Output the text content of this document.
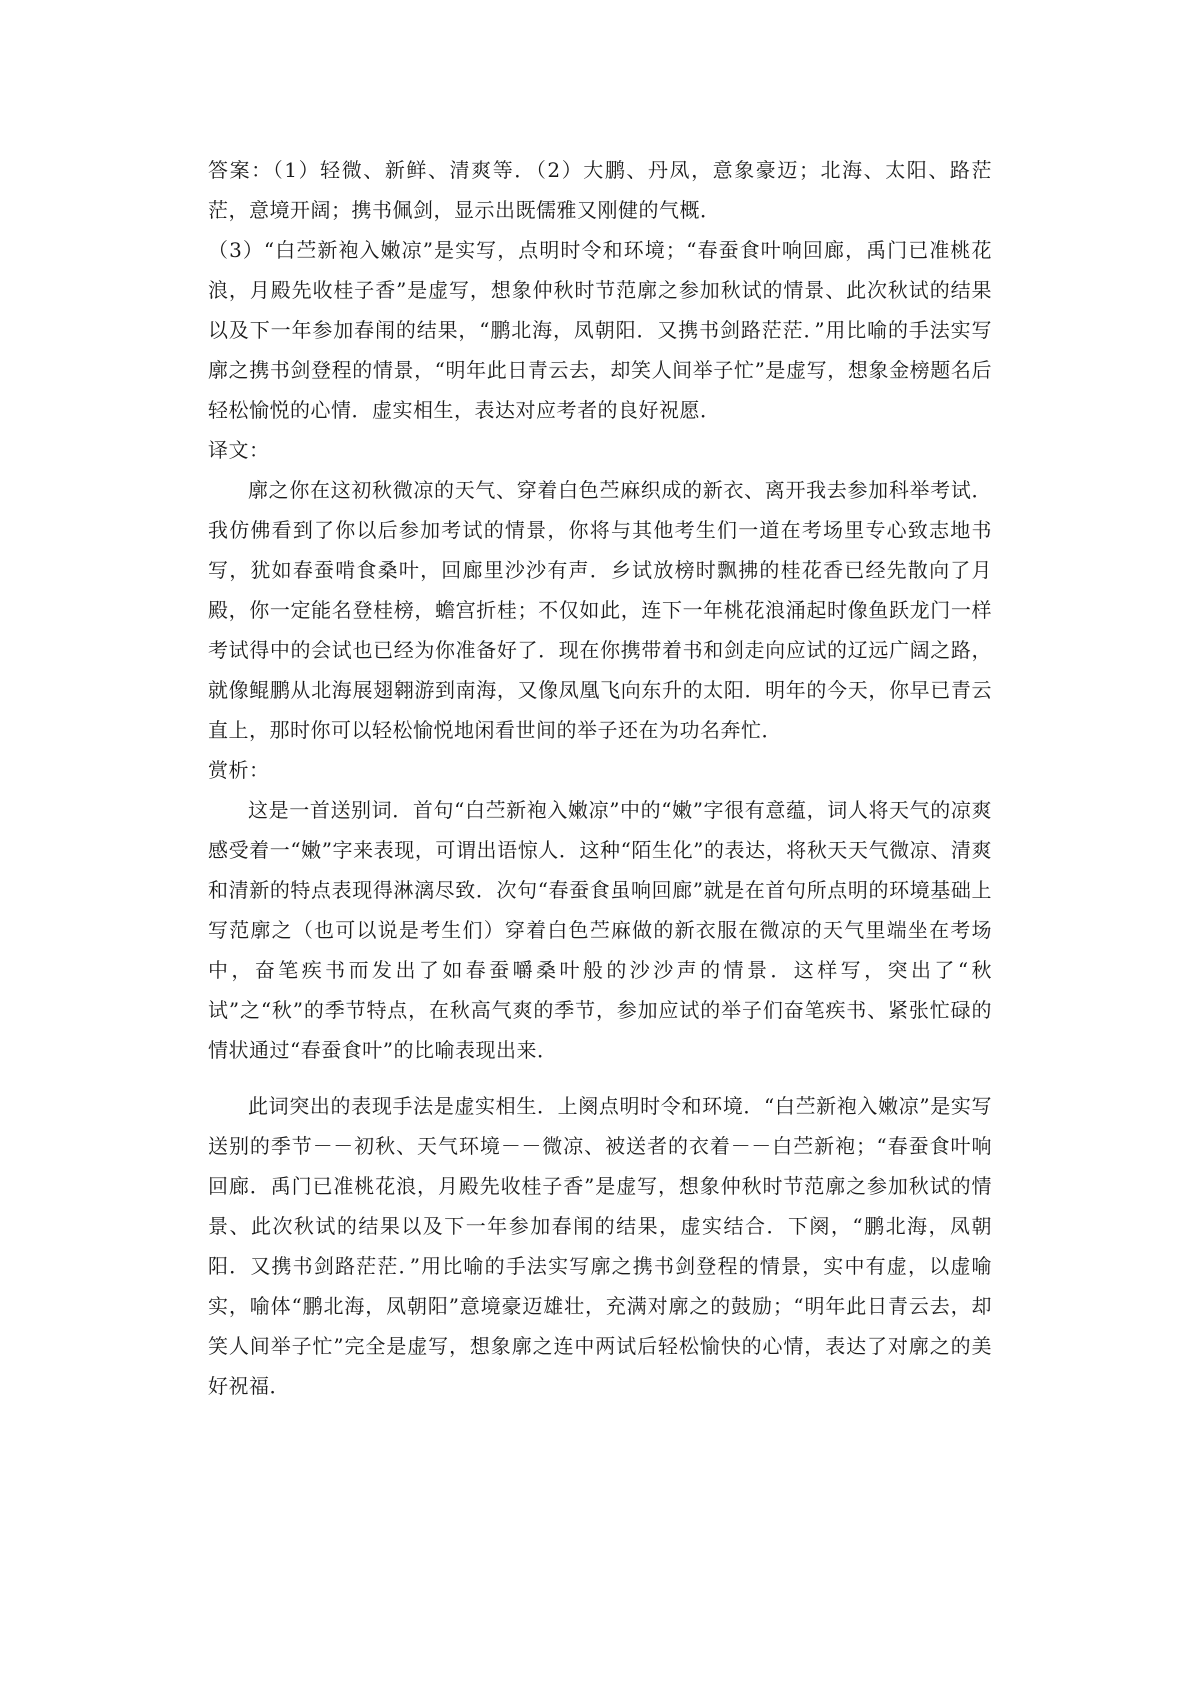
答案：（1）轻微、新鲜、清爽等．（2）大鹏、丹凤，意象豪迈；北海、太阳、路茫茫，意境开阔；携书佩剑，显示出既儒雅又刚健的气概．

（3）“白苎新袍入嫩凉”是实写，点明时令和环境；“春蚕食叶响回廊，禹门已准桃花浪，月殿先收桂子香”是虚写，想象仲秋时节范廓之参加秋试的情景、此次秋试的结果以及下一年参加春闱的结果，“鹏北海，凤朝阳．又携书剑路茫茫．”用比喻的手法实写廓之携书剑登程的情景，“明年此日青云去，却笑人间举子忙”是虚写，想象金榜题名后轻松愉悦的心情．虚实相生，表达对应考者的良好祝愿．

译文：

廓之你在这初秋微凉的天气、穿着白色苎麻织成的新衣、离开我去参加科举考试．我仿佛看到了你以后参加考试的情景，你将与其他考生们一道在考场里专心致志地书写，犹如春蚕啃食桑叶，回廊里沙沙有声．乡试放榜时飘拂的桂花香已经先散向了月殿，你一定能名登桂榜，蟾宫折桂；不仅如此，连下一年桃花浪涌起时像鱼跃龙门一样考试得中的会试也已经为你准备好了．现在你携带着书和剑走向应试的辽远广阔之路，就像鲲鹏从北海展翅翱游到南海，又像凤凰飞向东升的太阳．明年的今天，你早已青云直上，那时你可以轻松愉悦地闲看世间的举子还在为功名奔忙．

赏析：

这是一首送别词．首句“白苎新袍入嫩凉”中的“嫩”字很有意蕴，词人将天气的凉爽感受着一“嫩”字来表现，可谓出语惊人．这种“陌生化”的表达，将秋天天气微凉、清爽和清新的特点表现得淋漓尽致．次句“春蚕食虽响回廊”就是在首句所点明的环境基础上写范廓之（也可以说是考生们）穿着白色苎麻做的新衣服在微凉的天气里端坐在考场中，奋笔疾书而发出了如春蚕嚼桑叶般的沙沙声的情景．这样写，突出了“秋试”之“秋”的季节特点，在秋高气爽的季节，参加应试的举子们奋笔疾书、紧张忙碌的情状通过“春蚕食叶”的比喻表现出来．

此词突出的表现手法是虚实相生．上阕点明时令和环境．“白苎新袍入嫩凉”是实写送别的季节－－初秋、天气环境－－微凉、被送者的衣着－－白苎新袍；“春蚕食叶响回廊．禹门已准桃花浪，月殿先收桂子香”是虚写，想象仲秋时节范廓之参加秋试的情景、此次秋试的结果以及下一年参加春闱的结果，虚实结合．下阕，“鹏北海，凤朝阳．又携书剑路茫茫．”用比喻的手法实写廓之携书剑登程的情景，实中有虚，以虚喻实，喻体“鹏北海，凤朝阳”意境豪迈雄壮，充满对廓之的鼓励；“明年此日青云去，却笑人间举子忙”完全是虚写，想象廓之连中两试后轻松愉快的心情，表达了对廓之的美好祝福．
